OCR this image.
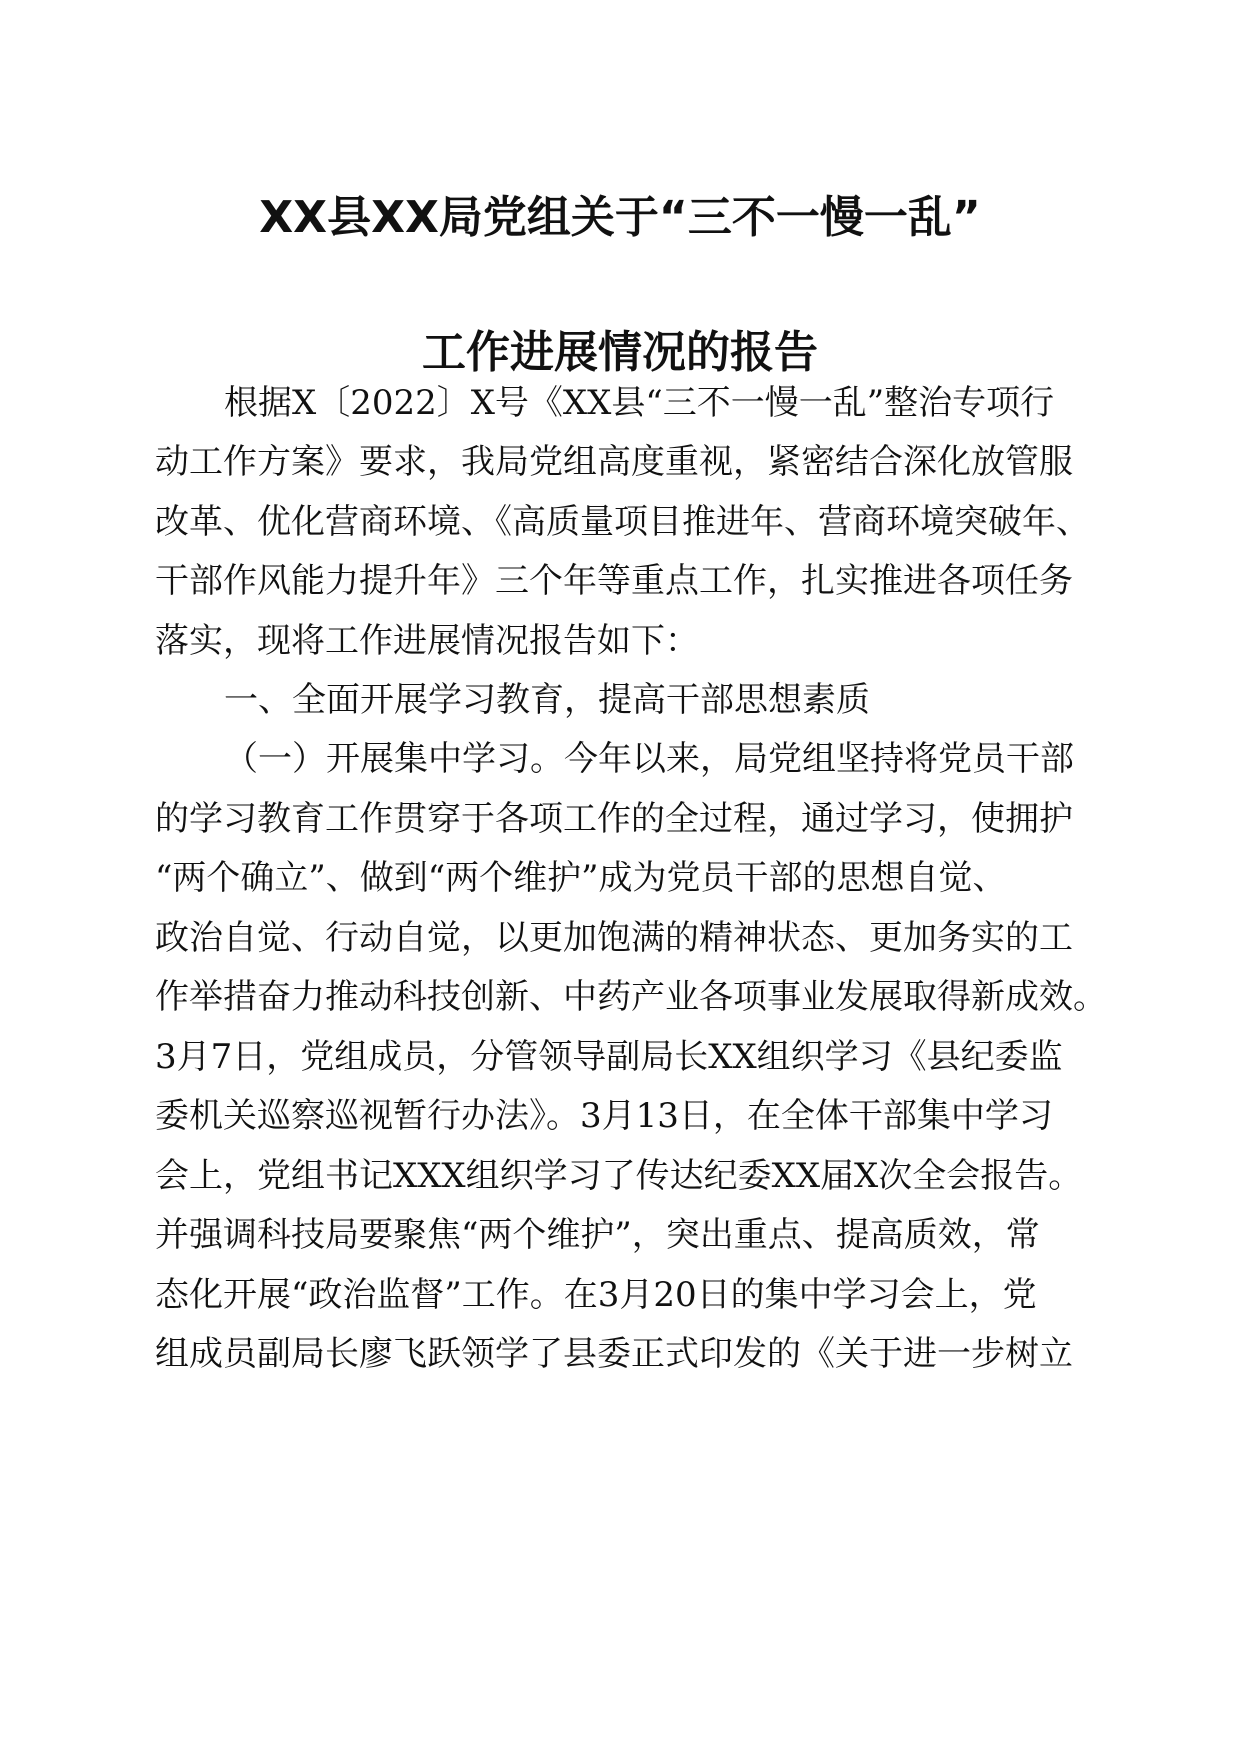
XX县XX局党组关于“三不一慢一乱”
工作进展情况的报告

根据X〔2022〕X号《XX县“三不一慢一乱”整治专项行

动工作方案》要求，我局党组高度重视，紧密结合深化放管服

改革、优化营商环境、《高质量项目推进年、营商环境突破年、

干部作风能力提升年》三个年等重点工作，扎实推进各项任务

落实，现将工作进展情况报告如下：

一、全面开展学习教育，提高干部思想素质

（一）开展集中学习。今年以来，局党组坚持将党员干部

的学习教育工作贯穿于各项工作的全过程，通过学习，使拥护

“两个确立”、做到“两个维护”成为党员干部的思想自觉、

政治自觉、行动自觉，以更加饱满的精神状态、更加务实的工

作举措奋力推动科技创新、中药产业各项事业发展取得新成效。

3月7日，党组成员，分管领导副局长XX组织学习《县纪委监

委机关巡察巡视暂行办法》。3月13日，在全体干部集中学习

会上，党组书记XXX组织学习了传达纪委XX届X次全会报告。

并强调科技局要聚焦“两个维护”，突出重点、提高质效，常

态化开展“政治监督”工作。在3月20日的集中学习会上，党

组成员副局长廖飞跃领学了县委正式印发的《关于进一步树立
